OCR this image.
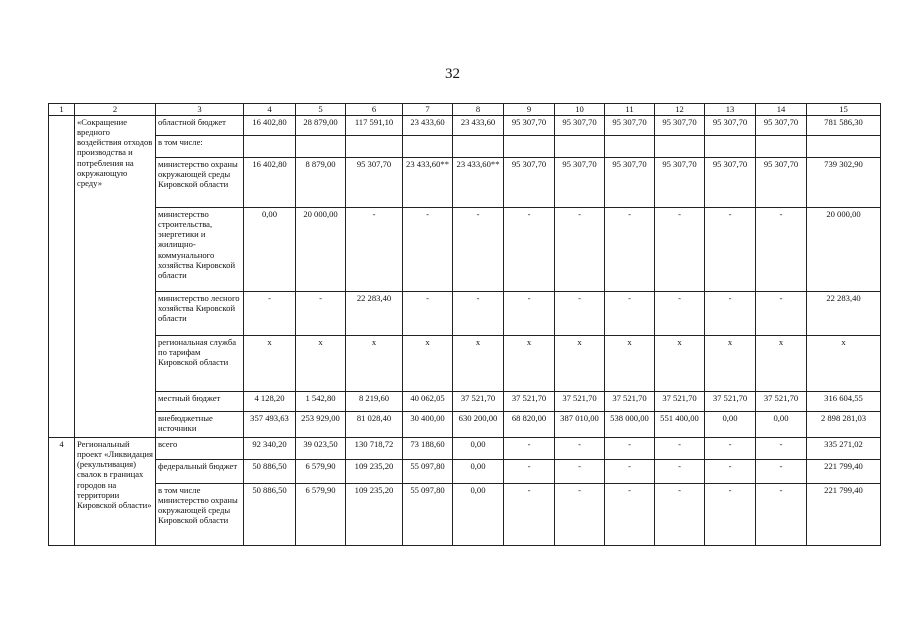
32
1	2	3	4	5	6	7	8	9	10	11	12	13	14	15
	«Сокращение вредного воздействия отходов производства и потребления на окружающую среду»	областной бюджет	16 402,80	28 879,00	117 591,10	23 433,60	23 433,60	95 307,70	95 307,70	95 307,70	95 307,70	95 307,70	95 307,70	781 586,30
		в том числе:												
		министерство охраны окружающей среды Кировской области	16 402,80	8 879,00	95 307,70	23 433,60**	23 433,60**	95 307,70	95 307,70	95 307,70	95 307,70	95 307,70	95 307,70	739 302,90
		министерство строительства, энергетики и жилищно-коммунального хозяйства Кировской области	0,00	20 000,00	-	-	-	-	-	-	-	-	-	20 000,00
		министерство лесного хозяйства Кировской области	-	-	22 283,40	-	-	-	-	-	-	-	-	22 283,40
		региональная служба по тарифам Кировской области	х	х	х	х	х	х	х	х	х	х	х	х
		местный бюджет	4 128,20	1 542,80	8 219,60	40 062,05	37 521,70	37 521,70	37 521,70	37 521,70	37 521,70	37 521,70	37 521,70	316 604,55
		внебюджетные источники	357 493,63	253 929,00	81 028,40	30 400,00	630 200,00	68 820,00	387 010,00	538 000,00	551 400,00	0,00	0,00	2 898 281,03
4	Региональный проект «Ликвидация (рекультивация) свалок в границах городов на территории Кировской области»	всего	92 340,20	39 023,50	130 718,72	73 188,60	0,00	-	-	-	-	-	-	335 271,02
		федеральный бюджет	50 886,50	6 579,90	109 235,20	55 097,80	0,00	-	-	-	-	-	-	221 799,40
		в том числе министерство охраны окружающей среды Кировской области	50 886,50	6 579,90	109 235,20	55 097,80	0,00	-	-	-	-	-	-	221 799,40
